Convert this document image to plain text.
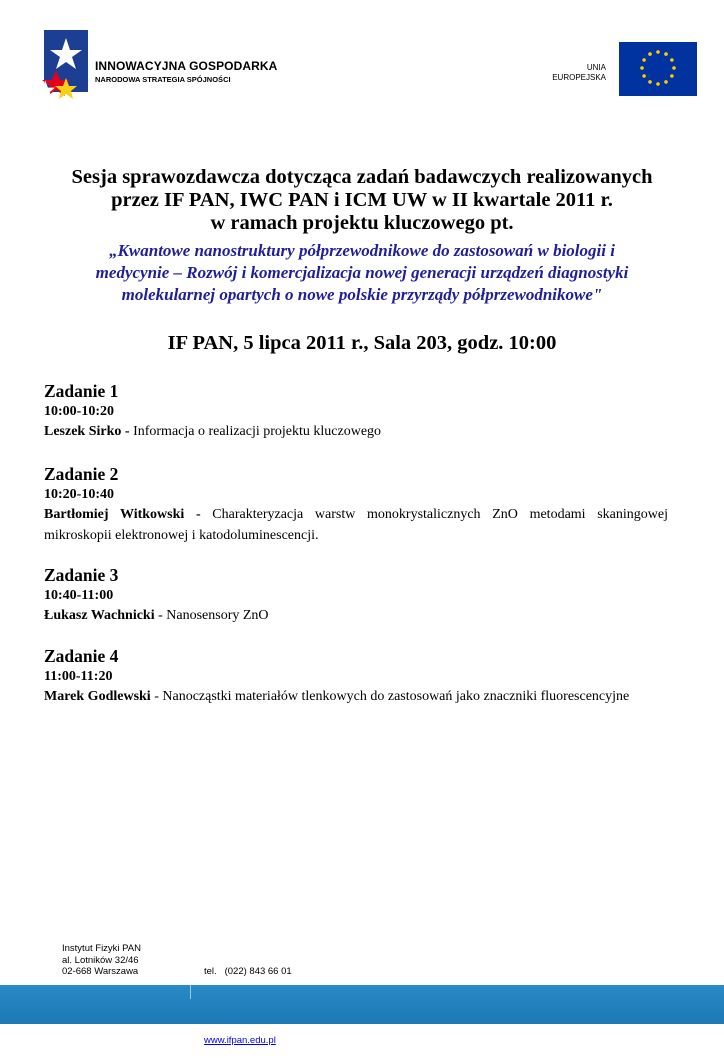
INNOWACYJNA GOSPODARKA
NARODOWA STRATEGIA SPÓJNOŚCI
UNIA
EUROPEJSKA
Sesja sprawozdawcza dotycząca zadań badawczych realizowanych
przez IF PAN, IWC PAN i ICM UW w II kwartale 2011 r.
w ramach projektu kluczowego pt.
„Kwantowe nanostruktury półprzewodnikowe do zastosowań w biologii i
medycynie – Rozwój i komercjalizacja nowej generacji urządzeń diagnostyki
molekularnej opartych o nowe polskie przyrządy półprzewodnikowe"
IF PAN, 5 lipca 2011 r., Sala 203, godz. 10:00
Zadanie 1
10:00-10:20
Leszek Sirko - Informacja o realizacji projektu kluczowego
Zadanie 2
10:20-10:40
Bartłomiej Witkowski - Charakteryzacja warstw monokrystalicznych ZnO metodami skaningowej mikroskopii elektronowej i katodoluminescencji.
Zadanie 3
10:40-11:00
Łukasz Wachnicki - Nanosensory ZnO
Zadanie 4
11:00-11:20
Marek Godlewski - Nanocząstki materiałów tlenkowych do zastosowań jako znaczniki fluorescencyjne
Instytut Fizyki PAN
al. Lotników 32/46
02-668 Warszawa

	tel.   (022) 843 66 01

www.ifpan.edu.pl
